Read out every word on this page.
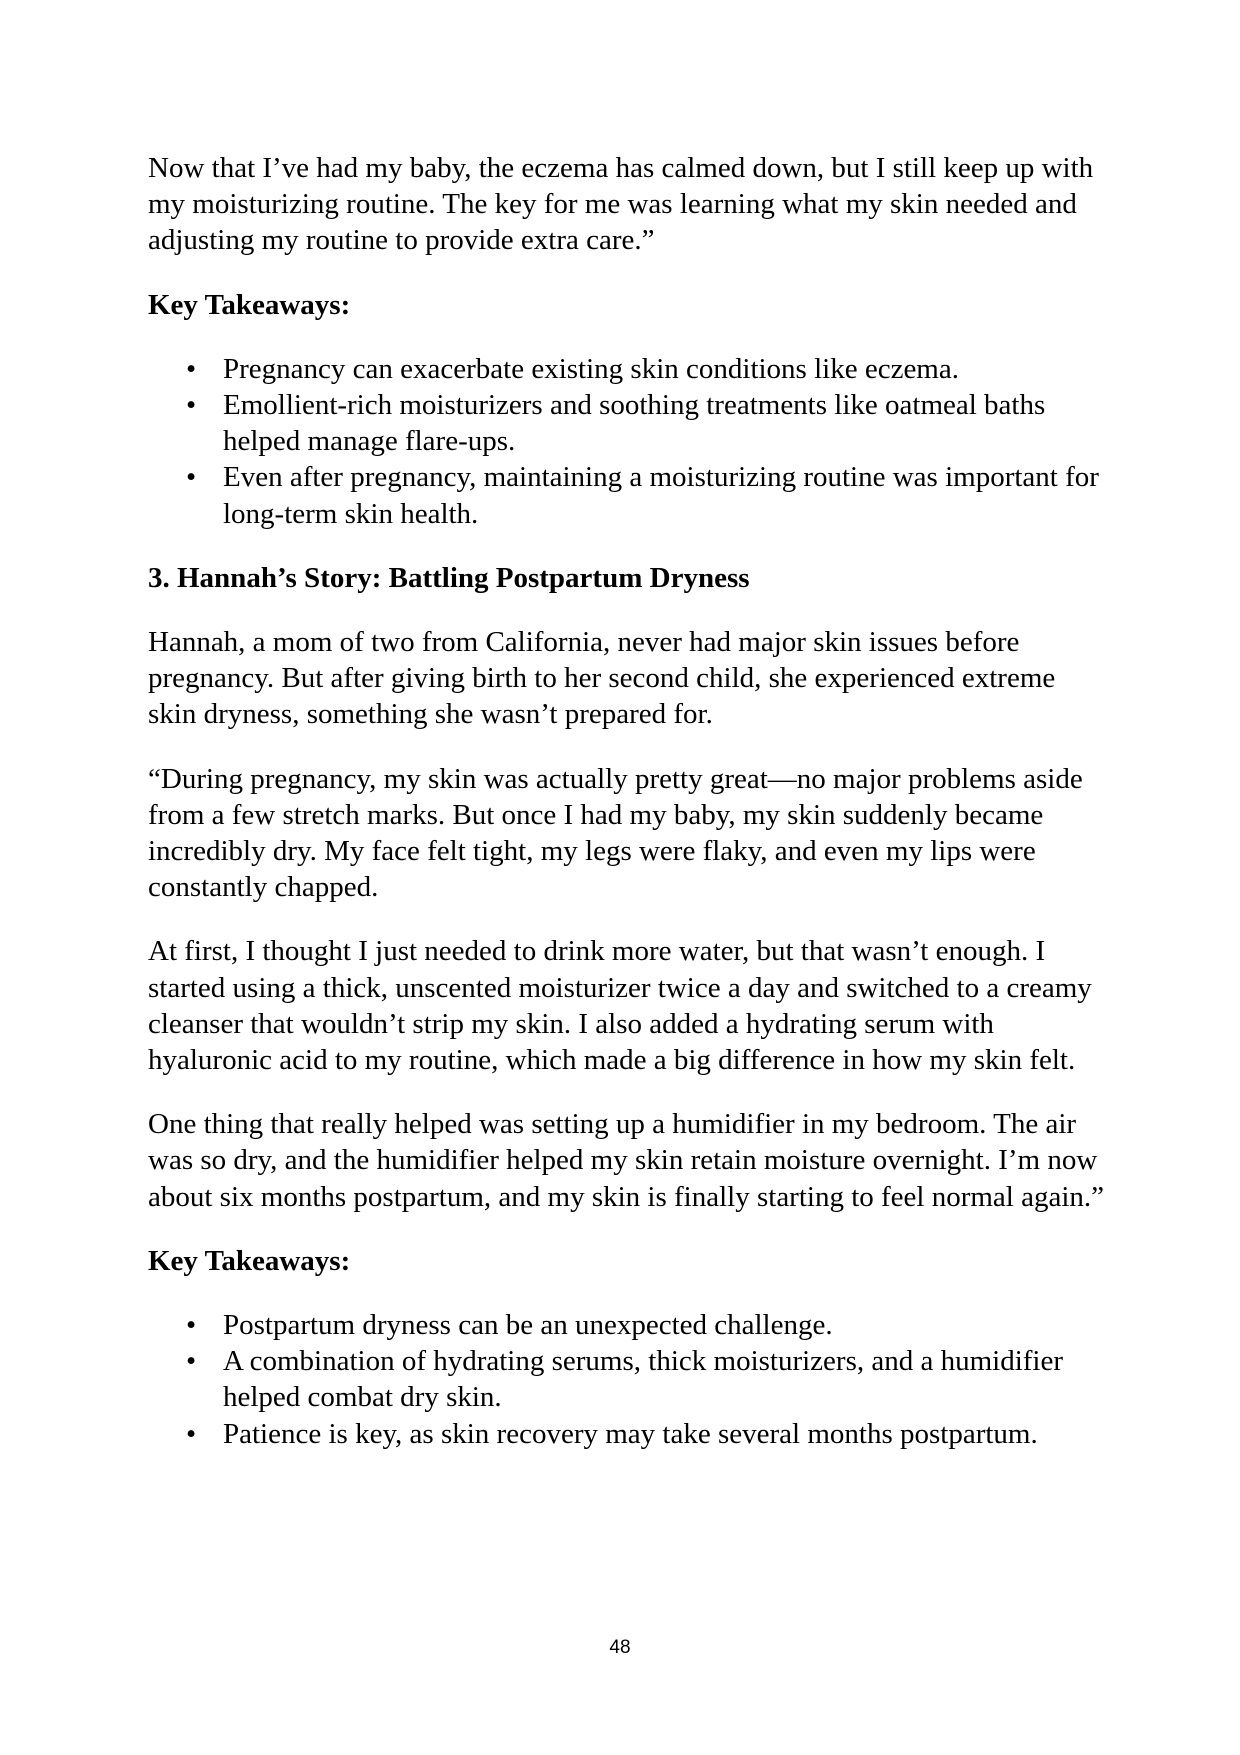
Now that I’ve had my baby, the eczema has calmed down, but I still keep up with my moisturizing routine. The key for me was learning what my skin needed and adjusting my routine to provide extra care.”

Key Takeaways:

• Pregnancy can exacerbate existing skin conditions like eczema.
• Emollient-rich moisturizers and soothing treatments like oatmeal baths helped manage flare-ups.
• Even after pregnancy, maintaining a moisturizing routine was important for long-term skin health.

3. Hannah’s Story: Battling Postpartum Dryness

Hannah, a mom of two from California, never had major skin issues before pregnancy. But after giving birth to her second child, she experienced extreme skin dryness, something she wasn’t prepared for.

“During pregnancy, my skin was actually pretty great—no major problems aside from a few stretch marks. But once I had my baby, my skin suddenly became incredibly dry. My face felt tight, my legs were flaky, and even my lips were constantly chapped.

At first, I thought I just needed to drink more water, but that wasn’t enough. I started using a thick, unscented moisturizer twice a day and switched to a creamy cleanser that wouldn’t strip my skin. I also added a hydrating serum with hyaluronic acid to my routine, which made a big difference in how my skin felt.

One thing that really helped was setting up a humidifier in my bedroom. The air was so dry, and the humidifier helped my skin retain moisture overnight. I’m now about six months postpartum, and my skin is finally starting to feel normal again.”

Key Takeaways:

• Postpartum dryness can be an unexpected challenge.
• A combination of hydrating serums, thick moisturizers, and a humidifier helped combat dry skin.
• Patience is key, as skin recovery may take several months postpartum.
48
